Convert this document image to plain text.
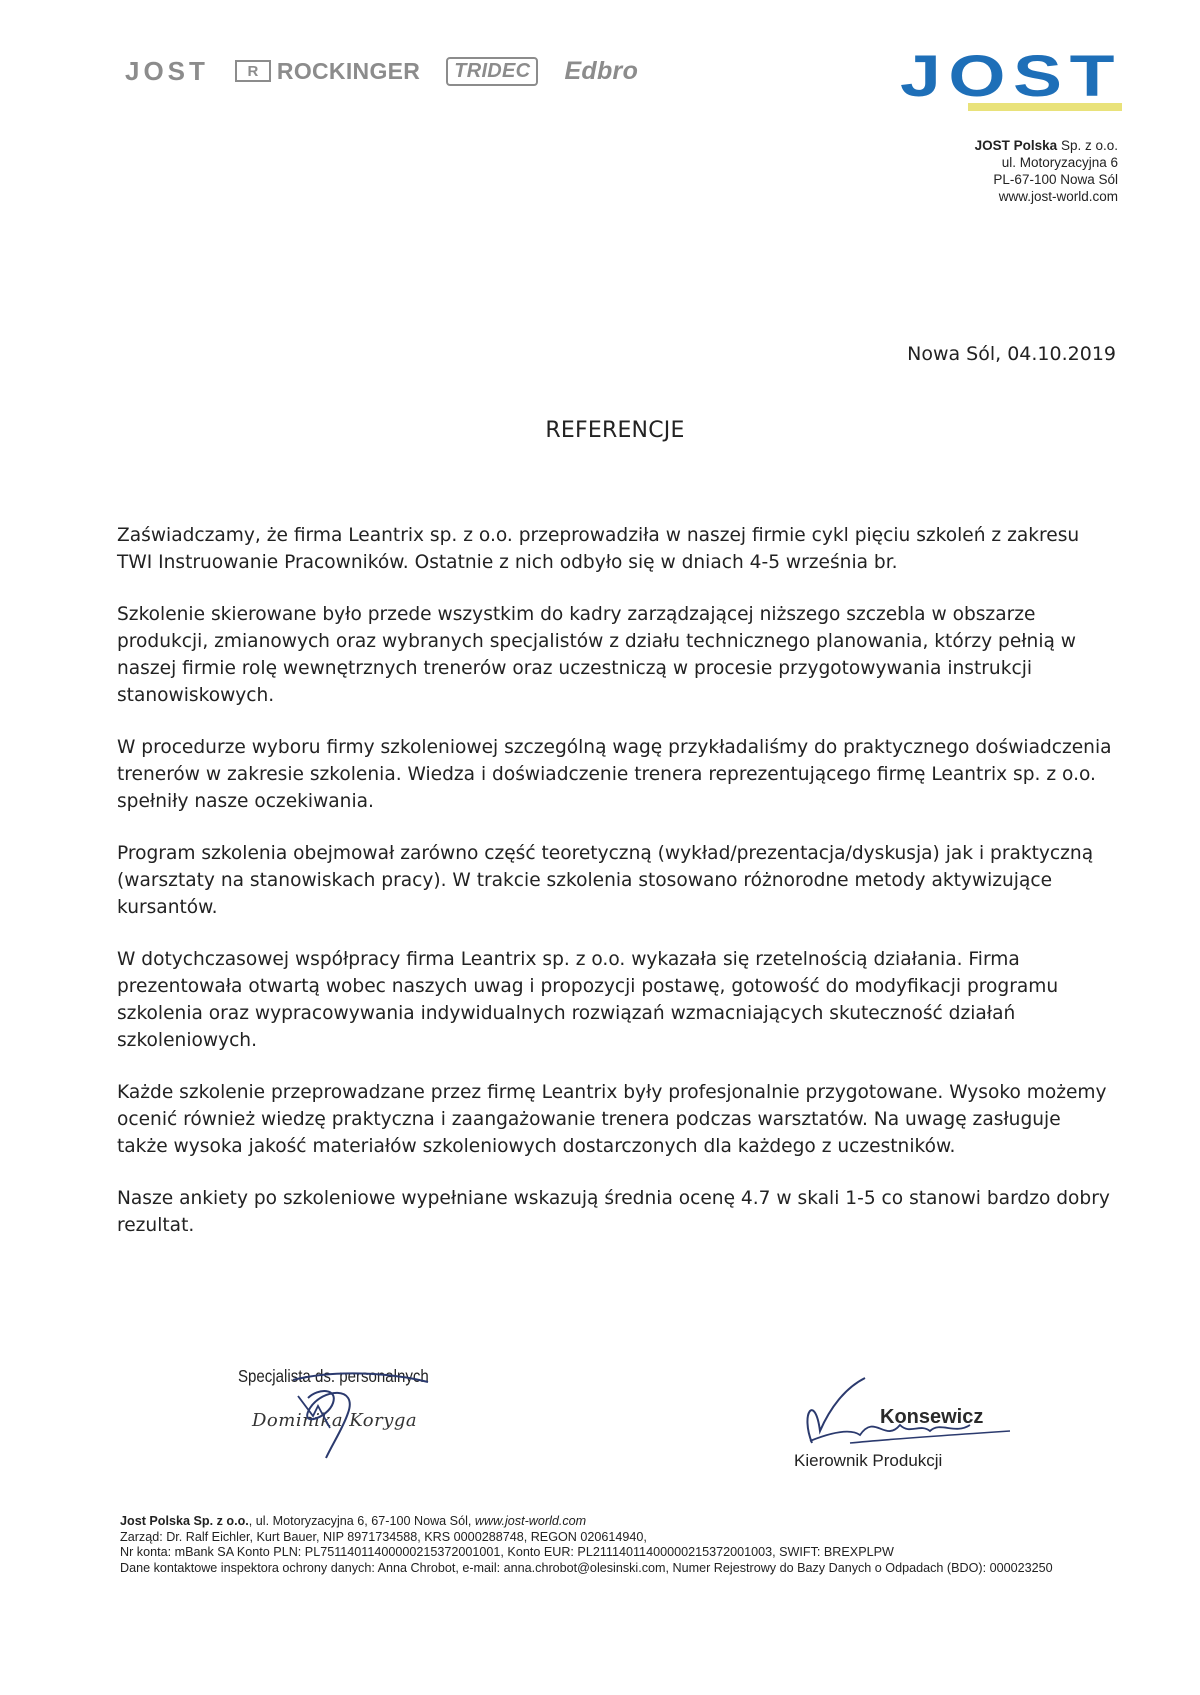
JOST	R ROCKINGER	TRIDEC	Edbro	JOST
JOST Polska Sp. z o.o.
ul. Motoryzacyjna 6
PL-67-100 Nowa Sól
www.jost-world.com
Nowa Sól, 04.10.2019
REFERENCJE

Zaświadczamy, że firma Leantrix sp. z o.o. przeprowadziła w naszej firmie cykl pięciu szkoleń z zakresu TWI Instruowanie Pracowników. Ostatnie z nich odbyło się w dniach 4-5 września br.

Szkolenie skierowane było przede wszystkim do kadry zarządzającej niższego szczebla w obszarze produkcji, zmianowych oraz wybranych specjalistów z działu technicznego planowania, którzy pełnią w naszej firmie rolę wewnętrznych trenerów oraz uczestniczą w procesie przygotowywania instrukcji stanowiskowych.

W procedurze wyboru firmy szkoleniowej szczególną wagę przykładaliśmy do praktycznego doświadczenia trenerów w zakresie szkolenia. Wiedza i doświadczenie trenera reprezentującego firmę Leantrix sp. z o.o. spełniły nasze oczekiwania.

Program szkolenia obejmował zarówno część teoretyczną (wykład/prezentacja/dyskusja) jak i praktyczną (warsztaty na stanowiskach pracy). W trakcie szkolenia stosowano różnorodne metody aktywizujące kursantów.

W dotychczasowej współpracy firma Leantrix sp. z o.o. wykazała się rzetelnością działania. Firma prezentowała otwartą wobec naszych uwag i propozycji postawę, gotowość do modyfikacji programu szkolenia oraz wypracowywania indywidualnych rozwiązań wzmacniających skuteczność działań szkoleniowych.

Każde szkolenie przeprowadzane przez firmę Leantrix były profesjonalnie przygotowane. Wysoko możemy ocenić również wiedzę praktyczna i zaangażowanie trenera podczas warsztatów. Na uwagę zasługuje także wysoka jakość materiałów szkoleniowych dostarczonych dla każdego z uczestników.

Nasze ankiety po szkoleniowe wypełniane wskazują średnia ocenę 4.7 w skali 1-5 co stanowi bardzo dobry rezultat.

Specjalista ds. personalnych
Dominika Koryga	Konsewicz
Kierownik Produkcji
Jost Polska Sp. z o.o., ul. Motoryzacyjna 6, 67-100 Nowa Sól, www.jost-world.com
Zarząd: Dr. Ralf Eichler, Kurt Bauer, NIP 8971734588, KRS 0000288748, REGON 020614940,
Nr konta: mBank SA Konto PLN: PL75114011400000215372001001, Konto EUR: PL21114011400000215372001003, SWIFT: BREXPLPW
Dane kontaktowe inspektora ochrony danych: Anna Chrobot, e-mail: anna.chrobot@olesinski.com, Numer Rejestrowy do Bazy Danych o Odpadach (BDO): 000023250
